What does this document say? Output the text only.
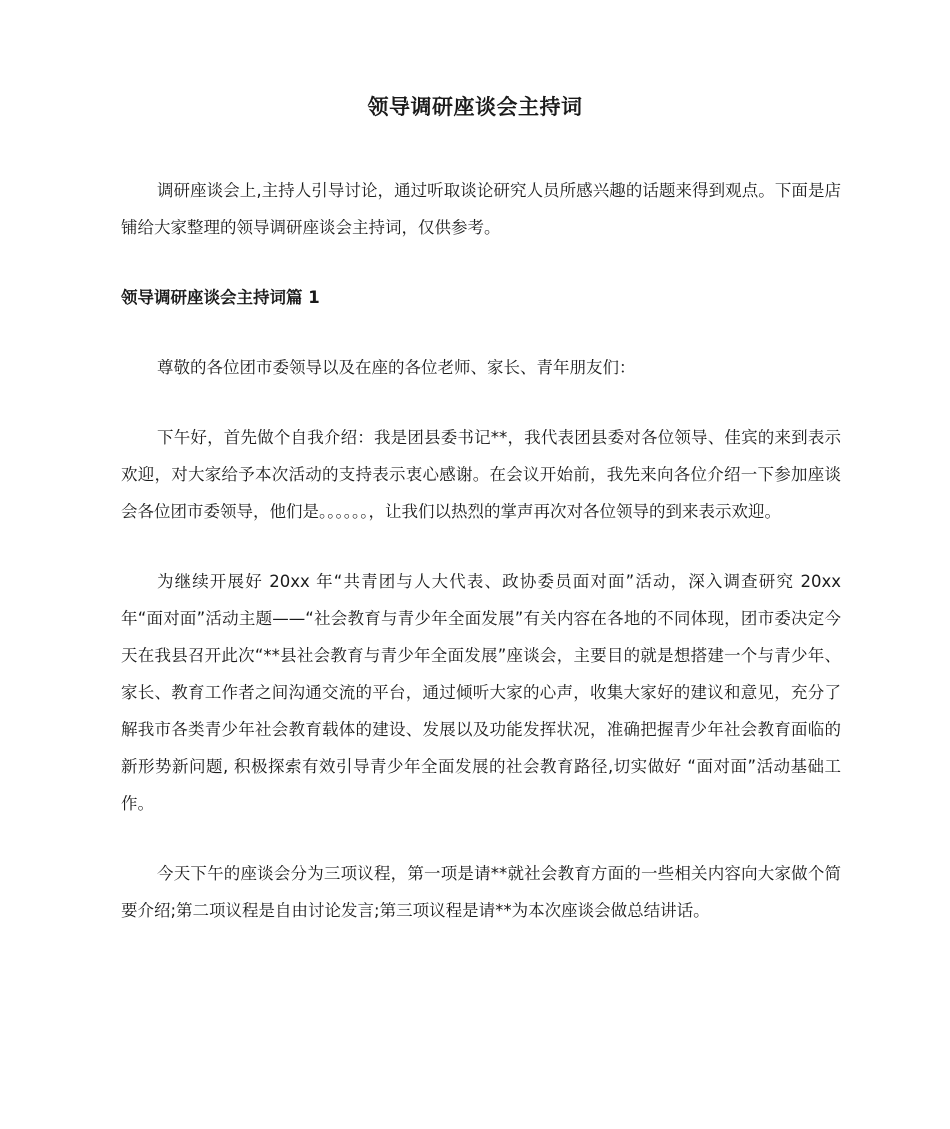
领导调研座谈会主持词

调研座谈会上,主持人引导讨论，通过听取谈论研究人员所感兴趣的话题来得到观点。下面是店铺给大家整理的领导调研座谈会主持词，仅供参考。

领导调研座谈会主持词篇 1

尊敬的各位团市委领导以及在座的各位老师、家长、青年朋友们：

下午好，首先做个自我介绍：我是团县委书记**，我代表团县委对各位领导、佳宾的来到表示欢迎，对大家给予本次活动的支持表示衷心感谢。在会议开始前，我先来向各位介绍一下参加座谈会各位团市委领导，他们是。。。。。。，让我们以热烈的掌声再次对各位领导的到来表示欢迎。

为继续开展好 20xx 年“共青团与人大代表、政协委员面对面”活动，深入调查研究 20xx 年“面对面”活动主题——“社会教育与青少年全面发展”有关内容在各地的不同体现，团市委决定今天在我县召开此次“**县社会教育与青少年全面发展”座谈会，主要目的就是想搭建一个与青少年、家长、教育工作者之间沟通交流的平台，通过倾听大家的心声，收集大家好的建议和意见，充分了解我市各类青少年社会教育载体的建设、发展以及功能发挥状况，准确把握青少年社会教育面临的新形势新问题, 积极探索有效引导青少年全面发展的社会教育路径,切实做好 “面对面”活动基础工作。

今天下午的座谈会分为三项议程，第一项是请**就社会教育方面的一些相关内容向大家做个简要介绍;第二项议程是自由讨论发言;第三项议程是请**为本次座谈会做总结讲话。
